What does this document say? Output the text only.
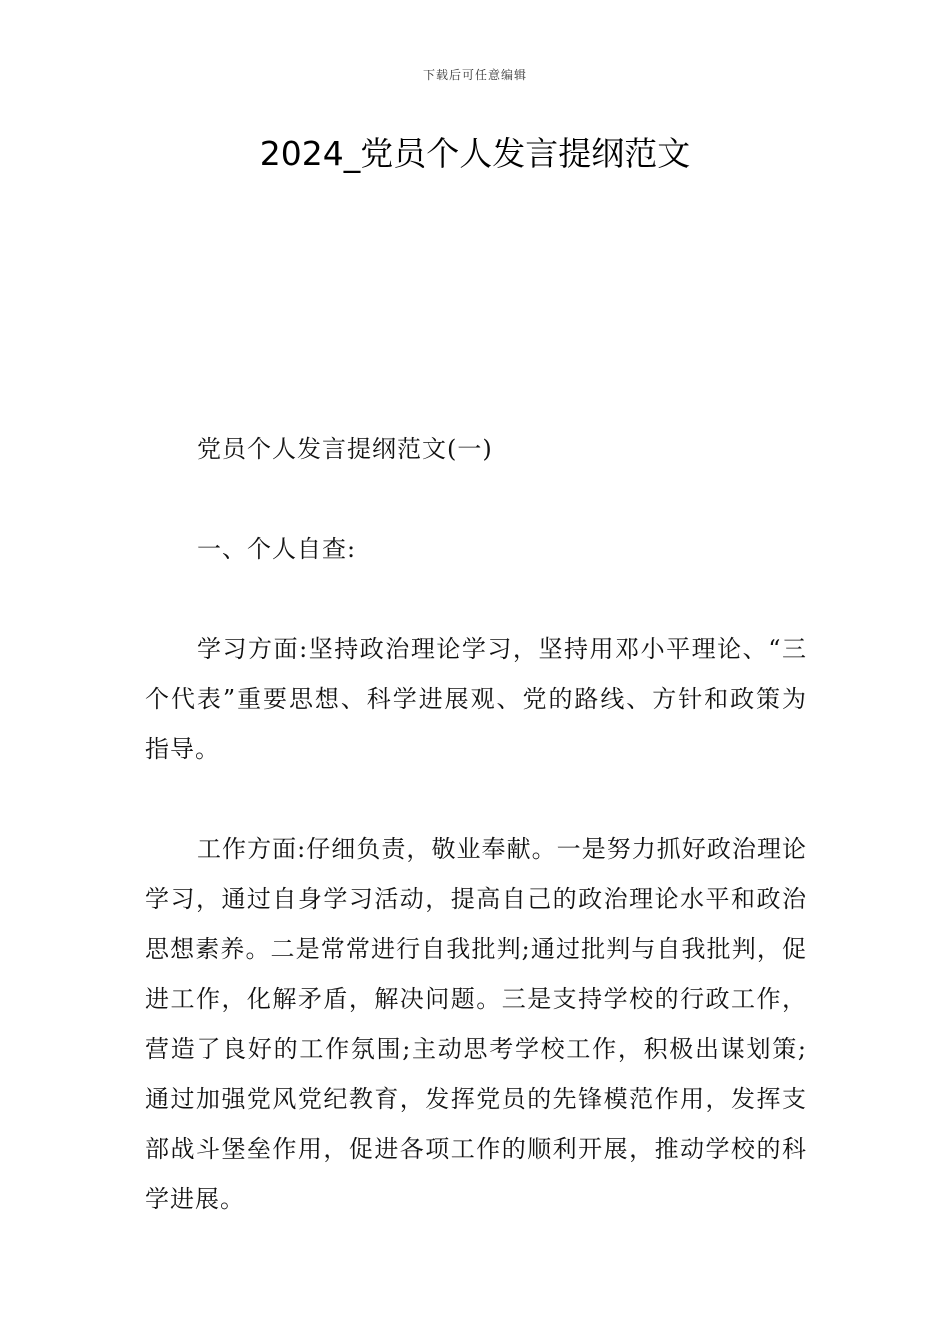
下载后可任意编辑
2024_党员个人发言提纲范文

党员个人发言提纲范文(一)

一、个人自查:

学习方面:坚持政治理论学习，坚持用邓小平理论、“三个代表”重要思想、科学进展观、党的路线、方针和政策为指导。

工作方面:仔细负责，敬业奉献。一是努力抓好政治理论学习，通过自身学习活动，提高自己的政治理论水平和政治思想素养。二是常常进行自我批判;通过批判与自我批判，促进工作，化解矛盾，解决问题。三是支持学校的行政工作，营造了良好的工作氛围;主动思考学校工作，积极出谋划策;通过加强党风党纪教育，发挥党员的先锋模范作用，发挥支部战斗堡垒作用，促进各项工作的顺利开展，推动学校的科学进展。
